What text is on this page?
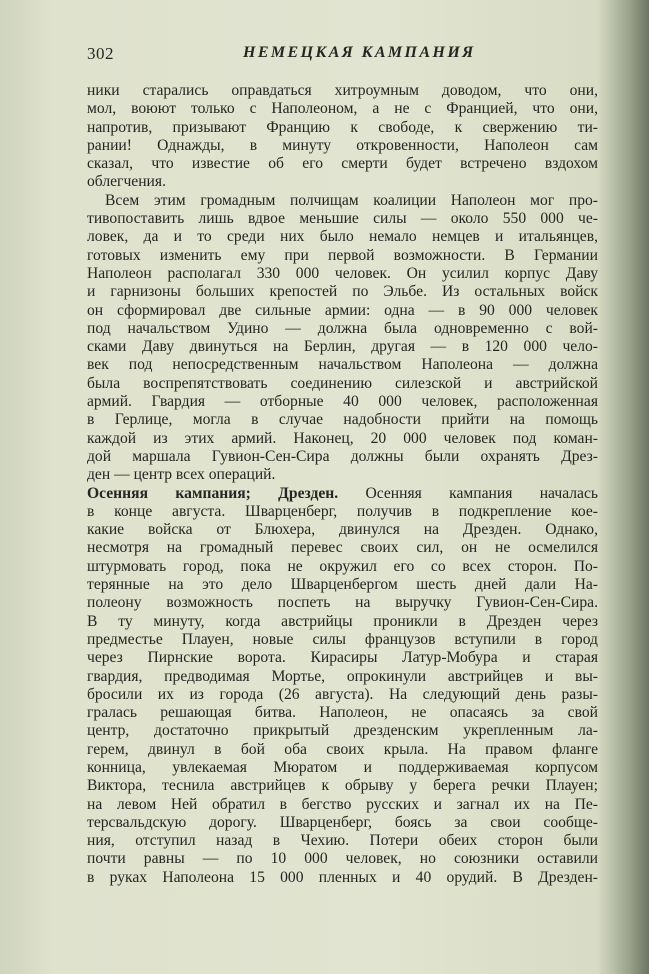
302	НЕМЕЦКАЯ КАМПАНИЯ
ники старались оправдаться хитроумным доводом, что они,
мол, воюют только с Наполеоном, а не с Францией, что они,
напротив, призывают Францию к свободе, к свержению ти-
рании! Однажды, в минуту откровенности, Наполеон сам
сказал, что известие об его смерти будет встречено вздохом
облегчения.
Всем этим громадным полчищам коалиции Наполеон мог про-
тивопоставить лишь вдвое меньшие силы — около 550 000 че-
ловек, да и то среди них было немало немцев и итальянцев,
готовых изменить ему при первой возможности. В Германии
Наполеон располагал 330 000 человек. Он усилил корпус Даву
и гарнизоны больших крепостей по Эльбе. Из остальных войск
он сформировал две сильные армии: одна — в 90 000 человек
под начальством Удино — должна была одновременно с вой-
сками Даву двинуться на Берлин, другая — в 120 000 чело-
век под непосредственным начальством Наполеона — должна
была воспрепятствовать соединению силезской и австрийской
армий. Гвардия — отборные 40 000 человек, расположенная
в Герлице, могла в случае надобности прийти на помощь
каждой из этих армий. Наконец, 20 000 человек под коман-
дой маршала Гувион-Сен-Сира должны были охранять Дрез-
ден — центр всех операций.
Осенняя кампания; Дрезден. Осенняя кампания началась
в конце августа. Шварценберг, получив в подкрепление кое-
какие войска от Блюхера, двинулся на Дрезден. Однако,
несмотря на громадный перевес своих сил, он не осмелился
штурмовать город, пока не окружил его со всех сторон. По-
терянные на это дело Шварценбергом шесть дней дали На-
полеону возможность поспеть на выручку Гувион-Сен-Сира.
В ту минуту, когда австрийцы проникли в Дрезден через
предместье Плауен, новые силы французов вступили в город
через Пирнские ворота. Кирасиры Латур-Мобура и старая
гвардия, предводимая Мортье, опрокинули австрийцев и вы-
бросили их из города (26 августа). На следующий день разы-
гралась решающая битва. Наполеон, не опасаясь за свой
центр, достаточно прикрытый дрезденским укрепленным ла-
герем, двинул в бой оба своих крыла. На правом фланге
конница, увлекаемая Мюратом и поддерживаемая корпусом
Виктора, теснила австрийцев к обрыву у берега речки Плауен;
на левом Ней обратил в бегство русских и загнал их на Пе-
терсвальдскую дорогу. Шварценберг, боясь за свои сообще-
ния, отступил назад в Чехию. Потери обеих сторон были
почти равны — по 10 000 человек, но союзники оставили
в руках Наполеона 15 000 пленных и 40 орудий. В Дрезден-
